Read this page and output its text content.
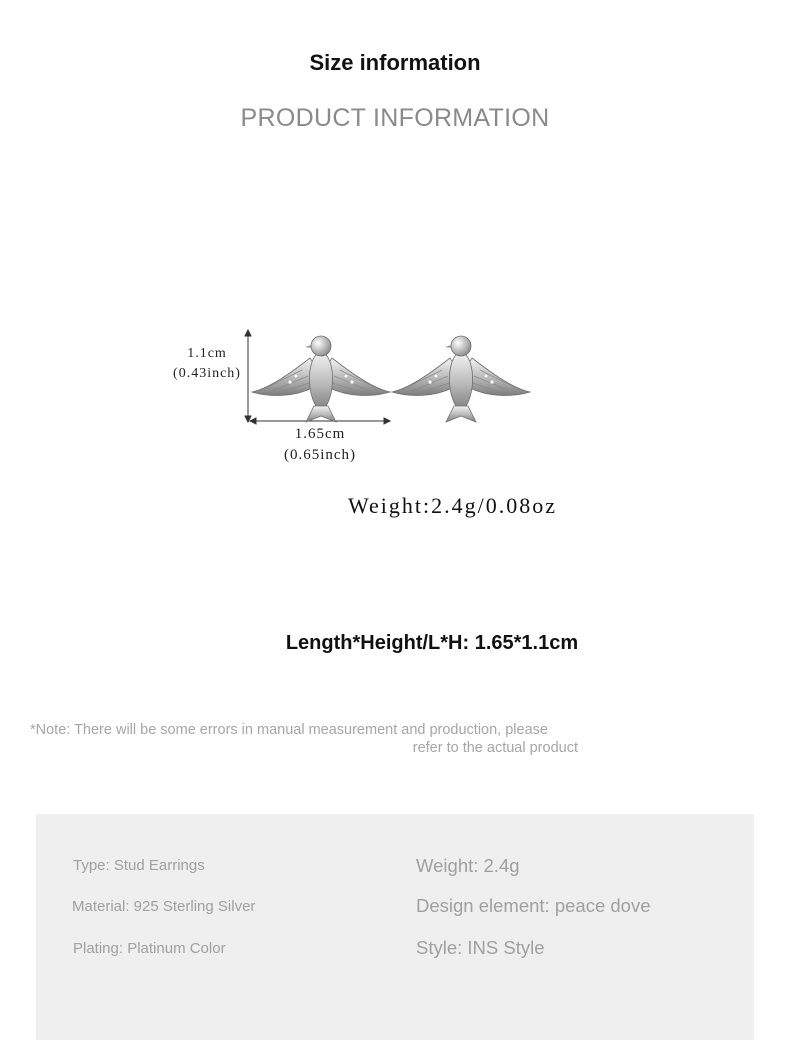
Size information
PRODUCT INFORMATION
1.1cm
(0.43inch)
1.65cm
(0.65inch)
Weight:2.4g/0.08oz
Length*Height/L*H: 1.65*1.1cm
*Note: There will be some errors in manual measurement and production, please
refer to the actual product
Type: Stud Earrings
Material: 925 Sterling Silver
Plating: Platinum Color
Weight: 2.4g
Design element: peace dove
Style: INS Style
